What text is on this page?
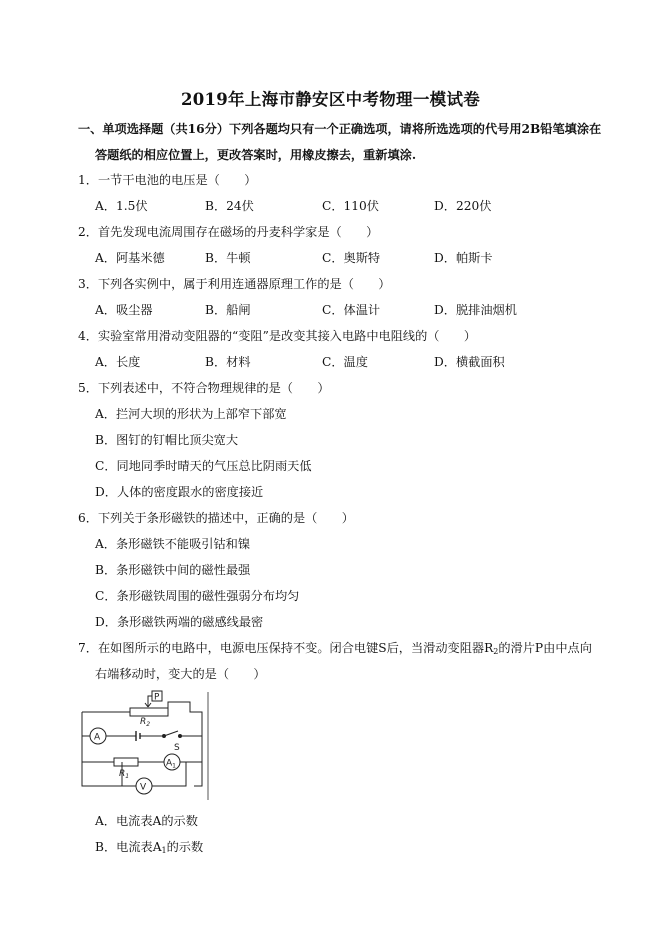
2019年上海市静安区中考物理一模试卷
一、单项选择题（共16分）下列各题均只有一个正确选项，请将所选选项的代号用2B铅笔填涂在
答题纸的相应位置上，更改答案时，用橡皮擦去，重新填涂.
1．一节干电池的电压是（　　）
A．1.5伏	B．24伏	C．110伏	D．220伏
2．首先发现电流周围存在磁场的丹麦科学家是（　　）
A．阿基米德	B．牛顿	C．奥斯特	D．帕斯卡
3．下列各实例中，属于利用连通器原理工作的是（　　）
A．吸尘器	B．船闸	C．体温计	D．脱排油烟机
4．实验室常用滑动变阻器的“变阻”是改变其接入电路中电阻线的（　　）
A．长度	B．材料	C．温度	D．横截面积
5．下列表述中，不符合物理规律的是（　　）
A．拦河大坝的形状为上部窄下部宽
B．图钉的钉帽比顶尖宽大
C．同地同季时晴天的气压总比阴雨天低
D．人体的密度跟水的密度接近
6．下列关于条形磁铁的描述中，正确的是（　　）
A．条形磁铁不能吸引钴和镍
B．条形磁铁中间的磁性最强
C．条形磁铁周围的磁性强弱分布均匀
D．条形磁铁两端的磁感线最密
7．在如图所示的电路中，电源电压保持不变。闭合电键S后，当滑动变阻器$R_2$的滑片P由中点向
右端移动时，变大的是（　　）
P
$R_2$
A
S
$R_1$
$A_1$
V
A．电流表A的示数
B．电流表$A_1$的示数
